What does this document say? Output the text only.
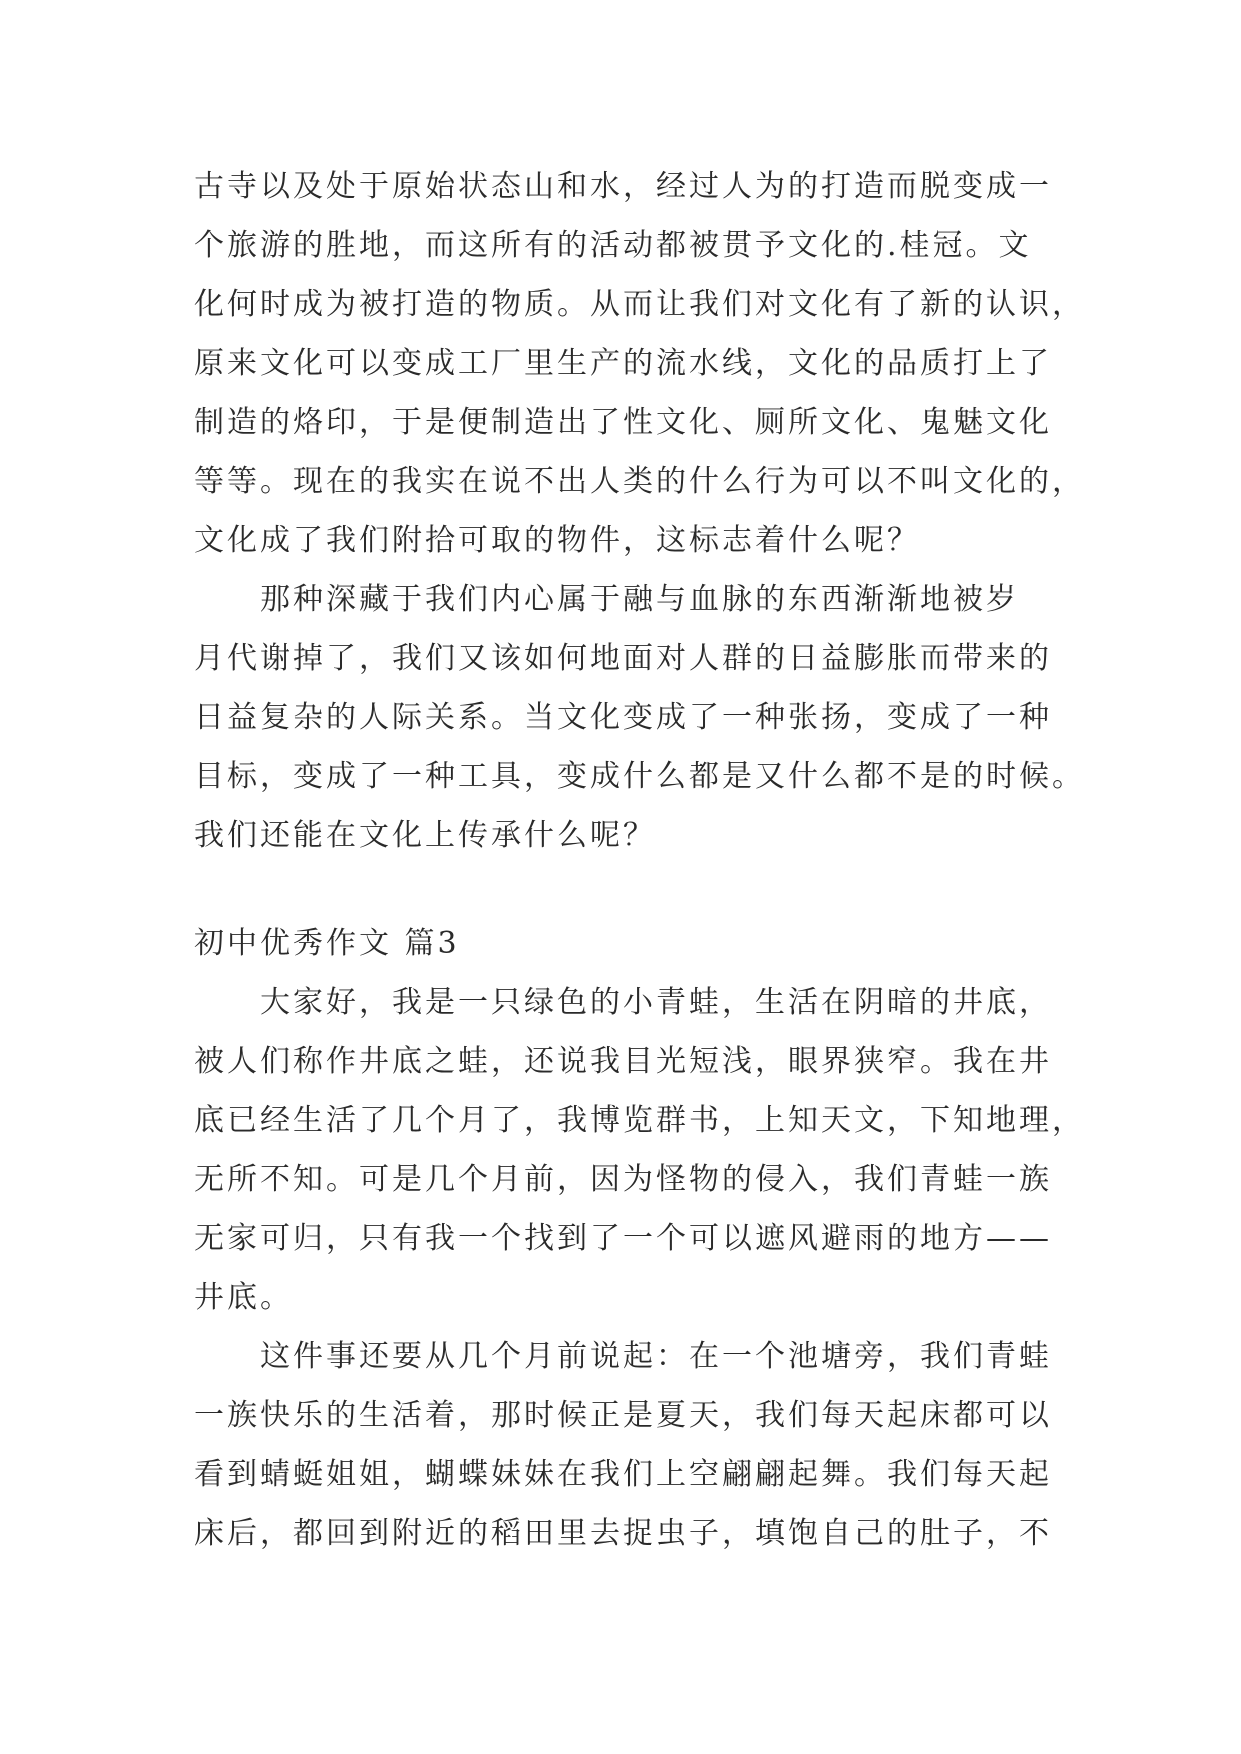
古寺以及处于原始状态山和水，经过人为的打造而脱变成一
个旅游的胜地，而这所有的活动都被贯予文化的.桂冠。文
化何时成为被打造的物质。从而让我们对文化有了新的认识，
原来文化可以变成工厂里生产的流水线，文化的品质打上了
制造的烙印，于是便制造出了性文化、厕所文化、鬼魅文化
等等。现在的我实在说不出人类的什么行为可以不叫文化的，
文化成了我们附拾可取的物件，这标志着什么呢？
那种深藏于我们内心属于融与血脉的东西渐渐地被岁
月代谢掉了，我们又该如何地面对人群的日益膨胀而带来的
日益复杂的人际关系。当文化变成了一种张扬，变成了一种
目标，变成了一种工具，变成什么都是又什么都不是的时候。
我们还能在文化上传承什么呢？
初中优秀作文 篇3
大家好，我是一只绿色的小青蛙，生活在阴暗的井底，
被人们称作井底之蛙，还说我目光短浅，眼界狭窄。我在井
底已经生活了几个月了，我博览群书，上知天文，下知地理，
无所不知。可是几个月前，因为怪物的侵入，我们青蛙一族
无家可归，只有我一个找到了一个可以遮风避雨的地方——
井底。
这件事还要从几个月前说起：在一个池塘旁，我们青蛙
一族快乐的生活着，那时候正是夏天，我们每天起床都可以
看到蜻蜓姐姐，蝴蝶妹妹在我们上空翩翩起舞。我们每天起
床后，都回到附近的稻田里去捉虫子，填饱自己的肚子，不
